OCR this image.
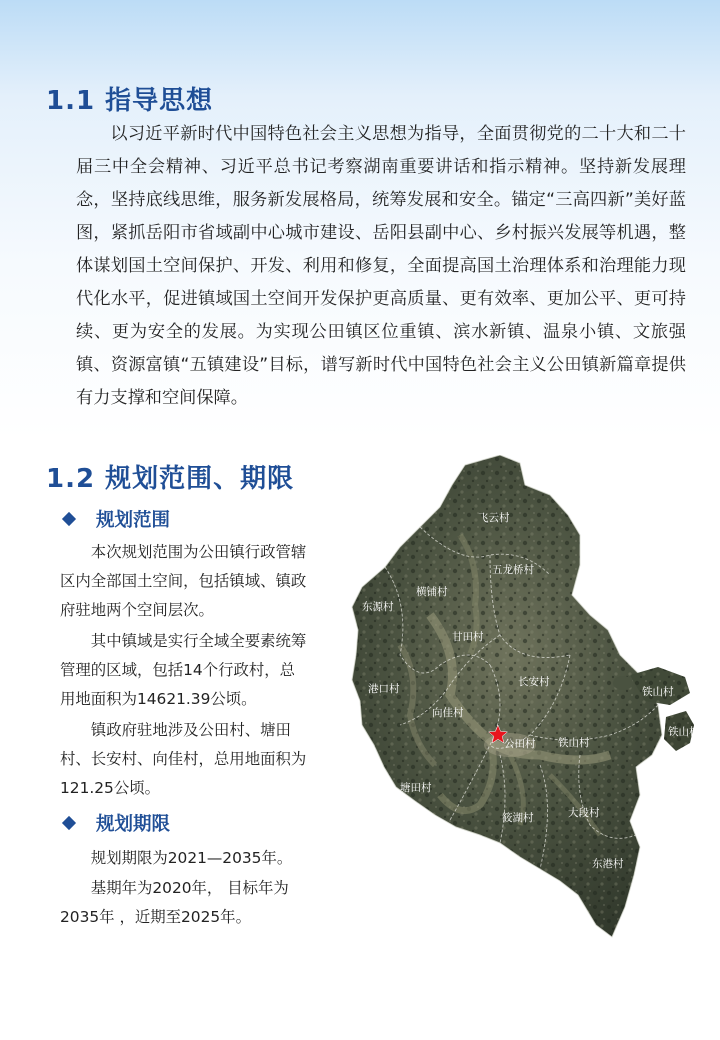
1.1 指导思想

以习近平新时代中国特色社会主义思想为指导，全面贯彻党的二十大和二十届三中全会精神、习近平总书记考察湖南重要讲话和指示精神。坚持新发展理念，坚持底线思维，服务新发展格局，统筹发展和安全。锚定“三高四新”美好蓝图，紧抓岳阳市省域副中心城市建设、岳阳县副中心、乡村振兴发展等机遇，整体谋划国土空间保护、开发、利用和修复，全面提高国土治理体系和治理能力现代化水平，促进镇域国土空间开发保护更高质量、更有效率、更加公平、更可持续、更为安全的发展。为实现公田镇区位重镇、滨水新镇、温泉小镇、文旅强镇、资源富镇“五镇建设”目标，谱写新时代中国特色社会主义公田镇新篇章提供有力支撑和空间保障。

1.2 规划范围、期限
规划范围

本次规划范围为公田镇行政管辖区内全部国土空间，包括镇域、镇政府驻地两个空间层次。

其中镇域是实行全域全要素统筹管理的区域，包括14个行政村，总用地面积为14621.39公顷。

镇政府驻地涉及公田村、塘田村、长安村、向佳村，总用地面积为121.25公顷。

规划期限

规划期限为2021—2035年。

基期年为2020年， 目标年为2035年 ，近期至2025年。

飞云村
五龙桥村
横铺村
东源村
甘田村
长安村
港口村
向佳村
公田村
铁山村
铁山村
塘田村
筱湖村	大段村
东港村
铁山村
